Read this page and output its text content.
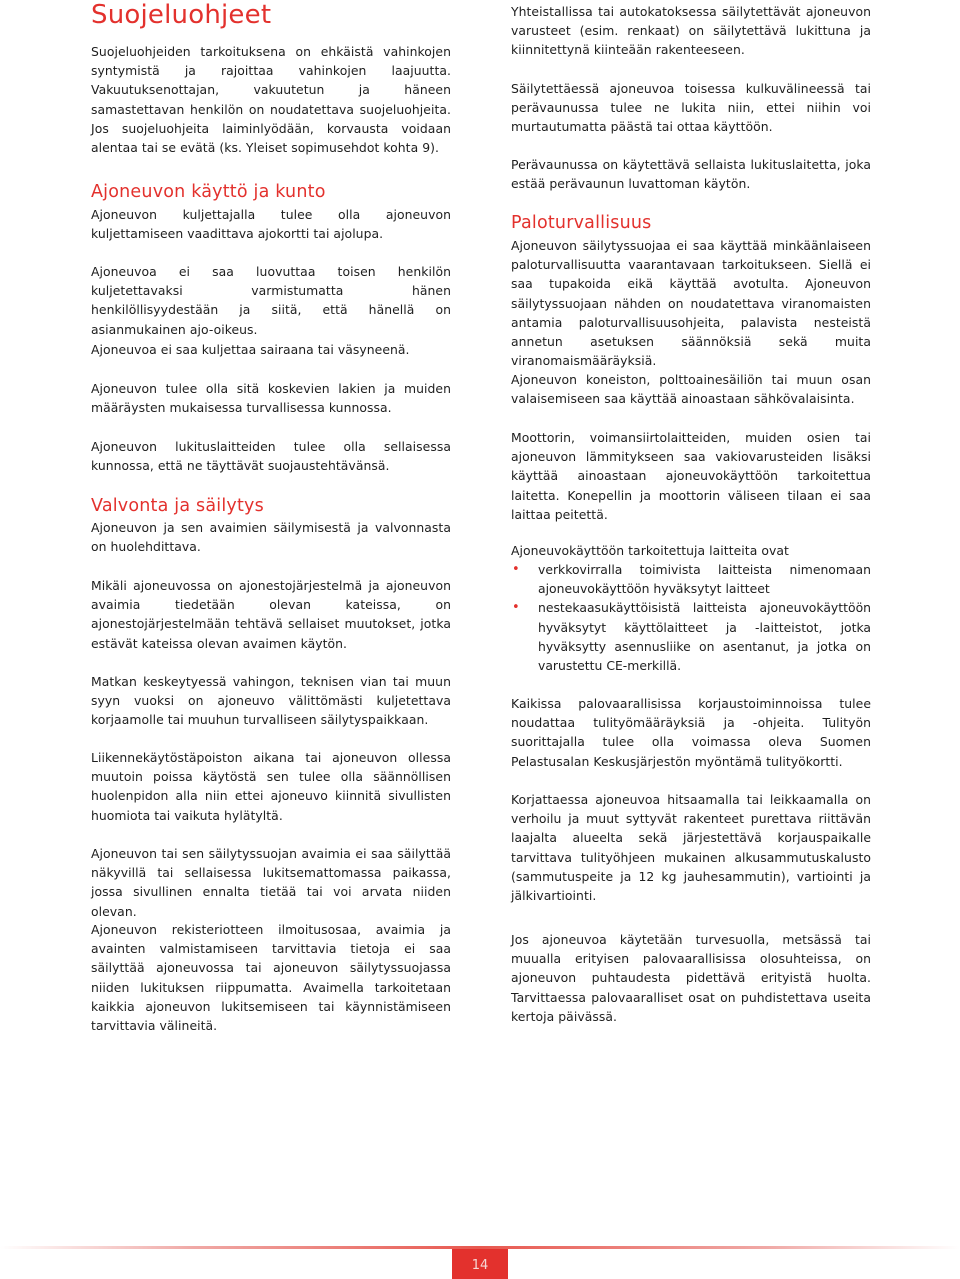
Suojeluohjeet

Suojeluohjeiden tarkoituksena on ehkäistä vahinkojen syntymistä ja rajoittaa vahinkojen laajuutta. Vakuutuksenottajan, vakuutetun ja häneen samastettavan henkilön on noudatettava suojeluohjeita. Jos suojeluohjeita laiminlyödään, korvausta voidaan alentaa tai se evätä (ks. Yleiset sopimusehdot kohta 9).

Ajoneuvon käyttö ja kunto

Ajoneuvon kuljettajalla tulee olla ajoneuvon kuljettamiseen vaadittava ajokortti tai ajolupa.

Ajoneuvoa ei saa luovuttaa toisen henkilön kuljetettavaksi varmistumatta hänen henkilöllisyydestään ja siitä, että hänellä on asianmukainen ajo-oikeus.

Ajoneuvoa ei saa kuljettaa sairaana tai väsyneenä.

Ajoneuvon tulee olla sitä koskevien lakien ja muiden määräysten mukaisessa turvallisessa kunnossa.

Ajoneuvon lukituslaitteiden tulee olla sellaisessa kunnossa, että ne täyttävät suojaustehtävänsä.

Valvonta ja säilytys

Ajoneuvon ja sen avaimien säilymisestä ja valvonnasta on huolehdittava.

Mikäli ajoneuvossa on ajonestojärjestelmä ja ajoneuvon avaimia tiedetään olevan kateissa, on ajonestojärjestelmään tehtävä sellaiset muutokset, jotka estävät kateissa olevan avaimen käytön.

Matkan keskeytyessä vahingon, teknisen vian tai muun syyn vuoksi on ajoneuvo välittömästi kuljetettava korjaamolle tai muuhun turvalliseen säilytyspaikkaan.

Liikennekäytöstäpoiston aikana tai ajoneuvon ollessa muutoin poissa käytöstä sen tulee olla säännöllisen huolenpidon alla niin ettei ajoneuvo kiinnitä sivullisten huomiota tai vaikuta hylätyltä.

Ajoneuvon tai sen säilytyssuojan avaimia ei saa säilyttää näkyvillä tai sellaisessa lukitsemattomassa paikassa, jossa sivullinen ennalta tietää tai voi arvata niiden olevan.

Ajoneuvon rekisteriotteen ilmoitusosaa, avaimia ja avainten valmistamiseen tarvittavia tietoja ei saa säilyttää ajoneuvossa tai ajoneuvon säilytyssuojassa niiden lukituksen riippumatta. Avaimella tarkoitetaan kaikkia ajoneuvon lukitsemiseen tai käynnistämiseen tarvittavia välineitä.

Yhteistallissa tai autokatoksessa säilytettävät ajoneuvon varusteet (esim. renkaat) on säilytettävä lukittuna ja kiinnitettynä kiinteään rakenteeseen.

Säilytettäessä ajoneuvoa toisessa kulkuvälineessä tai perävaunussa tulee ne lukita niin, ettei niihin voi murtautumatta päästä tai ottaa käyttöön.

Perävaunussa on käytettävä sellaista lukituslaitetta, joka estää perävaunun luvattoman käytön.

Paloturvallisuus

Ajoneuvon säilytyssuojaa ei saa käyttää minkäänlaiseen paloturvallisuutta vaarantavaan tarkoitukseen. Siellä ei saa tupakoida eikä käyttää avotulta. Ajoneuvon säilytyssuojaan nähden on noudatettava viranomaisten antamia paloturvallisuusohjeita, palavista nesteistä annetun asetuksen säännöksiä sekä muita viranomaismääräyksiä.

Ajoneuvon koneiston, polttoainesäiliön tai muun osan valaisemiseen saa käyttää ainoastaan sähkövalaisinta.

Moottorin, voimansiirtolaitteiden, muiden osien tai ajoneuvon lämmitykseen saa vakiovarusteiden lisäksi käyttää ainoastaan ajoneuvokäyttöön tarkoitettua laitetta. Konepellin ja moottorin väliseen tilaan ei saa laittaa peitettä.

Ajoneuvokäyttöön tarkoitettuja laitteita ovat

• verkkovirralla toimivista laitteista nimenomaan ajoneuvokäyttöön hyväksytyt laitteet
• nestekaasukäyttöisistä laitteista ajoneuvokäyttöön hyväksytyt käyttölaitteet ja -laitteistot, jotka hyväksytty asennusliike on asentanut, ja jotka on varustettu CE-merkillä.

Kaikissa palovaarallisissa korjaustoiminnoissa tulee noudattaa tulityömääräyksiä ja -ohjeita. Tulityön suorittajalla tulee olla voimassa oleva Suomen Pelastusalan Keskusjärjestön myöntämä tulityökortti.

Korjattaessa ajoneuvoa hitsaamalla tai leikkaamalla on verhoilu ja muut syttyvät rakenteet purettava riittävän laajalta alueelta sekä järjestettävä korjauspaikalle tarvittava tulityöhjeen mukainen alkusammutuskalusto (sammutuspeite ja 12 kg jauhesammutin), vartiointi ja jälkivartiointi.

Jos ajoneuvoa käytetään turvesuolla, metsässä tai muualla erityisen palovaarallisissa olosuhteissa, on ajoneuvon puhtaudesta pidettävä erityistä huolta. Tarvittaessa palovaaralliset osat on puhdistettava useita kertoja päivässä.

14
